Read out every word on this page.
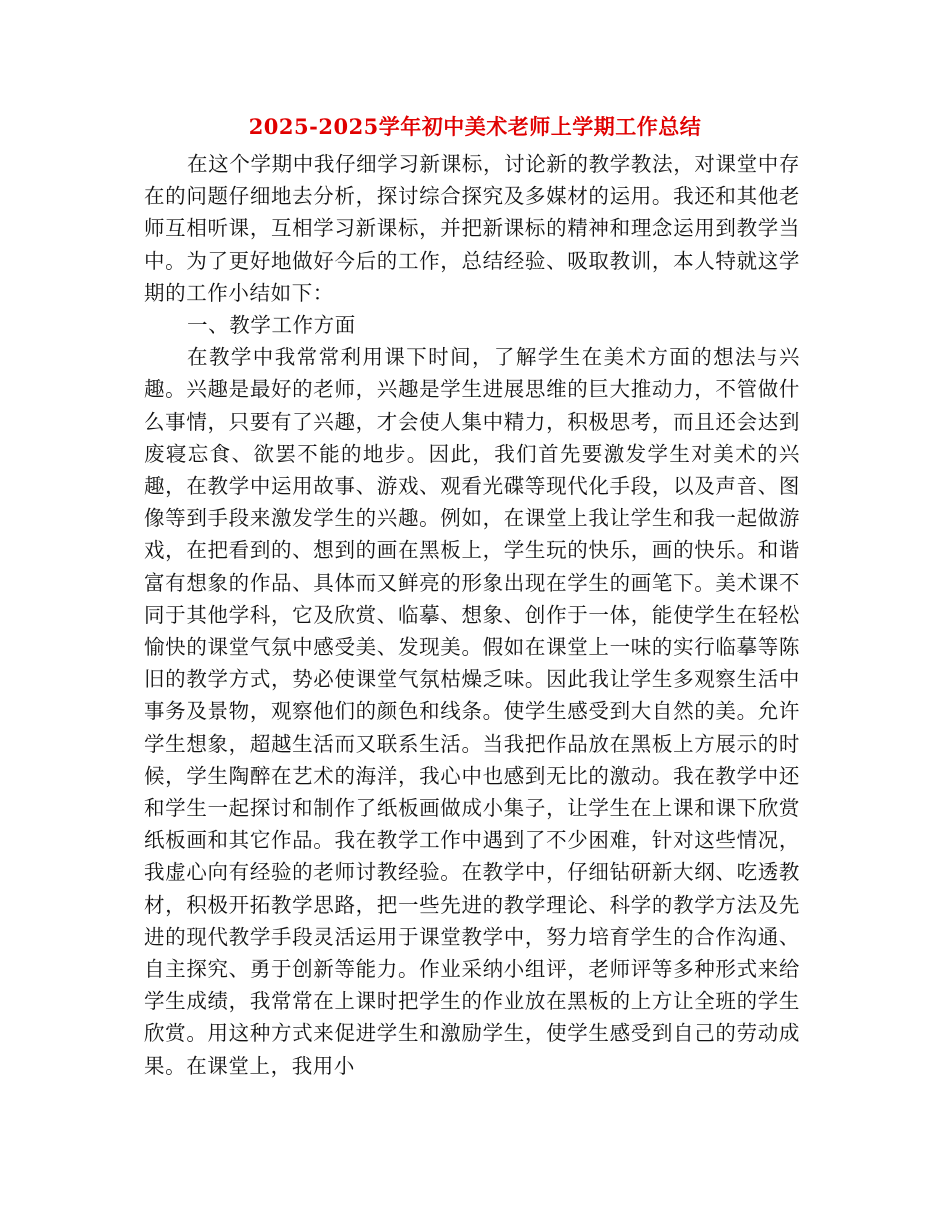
2025-2025学年初中美术老师上学期工作总结

在这个学期中我仔细学习新课标，讨论新的教学教法，对课堂中存在的问题仔细地去分析，探讨综合探究及多媒材的运用。我还和其他老师互相听课，互相学习新课标，并把新课标的精神和理念运用到教学当中。为了更好地做好今后的工作，总结经验、吸取教训，本人特就这学期的工作小结如下：

一、教学工作方面

在教学中我常常利用课下时间，了解学生在美术方面的想法与兴趣。兴趣是最好的老师，兴趣是学生进展思维的巨大推动力，不管做什么事情，只要有了兴趣，才会使人集中精力，积极思考，而且还会达到废寝忘食、欲罢不能的地步。因此，我们首先要激发学生对美术的兴趣，在教学中运用故事、游戏、观看光碟等现代化手段，以及声音、图像等到手段来激发学生的兴趣。例如，在课堂上我让学生和我一起做游戏，在把看到的、想到的画在黑板上，学生玩的快乐，画的快乐。和谐富有想象的作品、具体而又鲜亮的形象出现在学生的画笔下。美术课不同于其他学科，它及欣赏、临摹、想象、创作于一体，能使学生在轻松愉快的课堂气氛中感受美、发现美。假如在课堂上一味的实行临摹等陈旧的教学方式，势必使课堂气氛枯燥乏味。因此我让学生多观察生活中事务及景物，观察他们的颜色和线条。使学生感受到大自然的美。允许学生想象，超越生活而又联系生活。当我把作品放在黑板上方展示的时候，学生陶醉在艺术的海洋，我心中也感到无比的激动。我在教学中还和学生一起探讨和制作了纸板画做成小集子，让学生在上课和课下欣赏纸板画和其它作品。我在教学工作中遇到了不少困难，针对这些情况，我虚心向有经验的老师讨教经验。在教学中，仔细钻研新大纲、吃透教材，积极开拓教学思路，把一些先进的教学理论、科学的教学方法及先进的现代教学手段灵活运用于课堂教学中，努力培育学生的合作沟通、自主探究、勇于创新等能力。作业采纳小组评，老师评等多种形式来给学生成绩，我常常在上课时把学生的作业放在黑板的上方让全班的学生欣赏。用这种方式来促进学生和激励学生，使学生感受到自己的劳动成果。在课堂上，我用小
